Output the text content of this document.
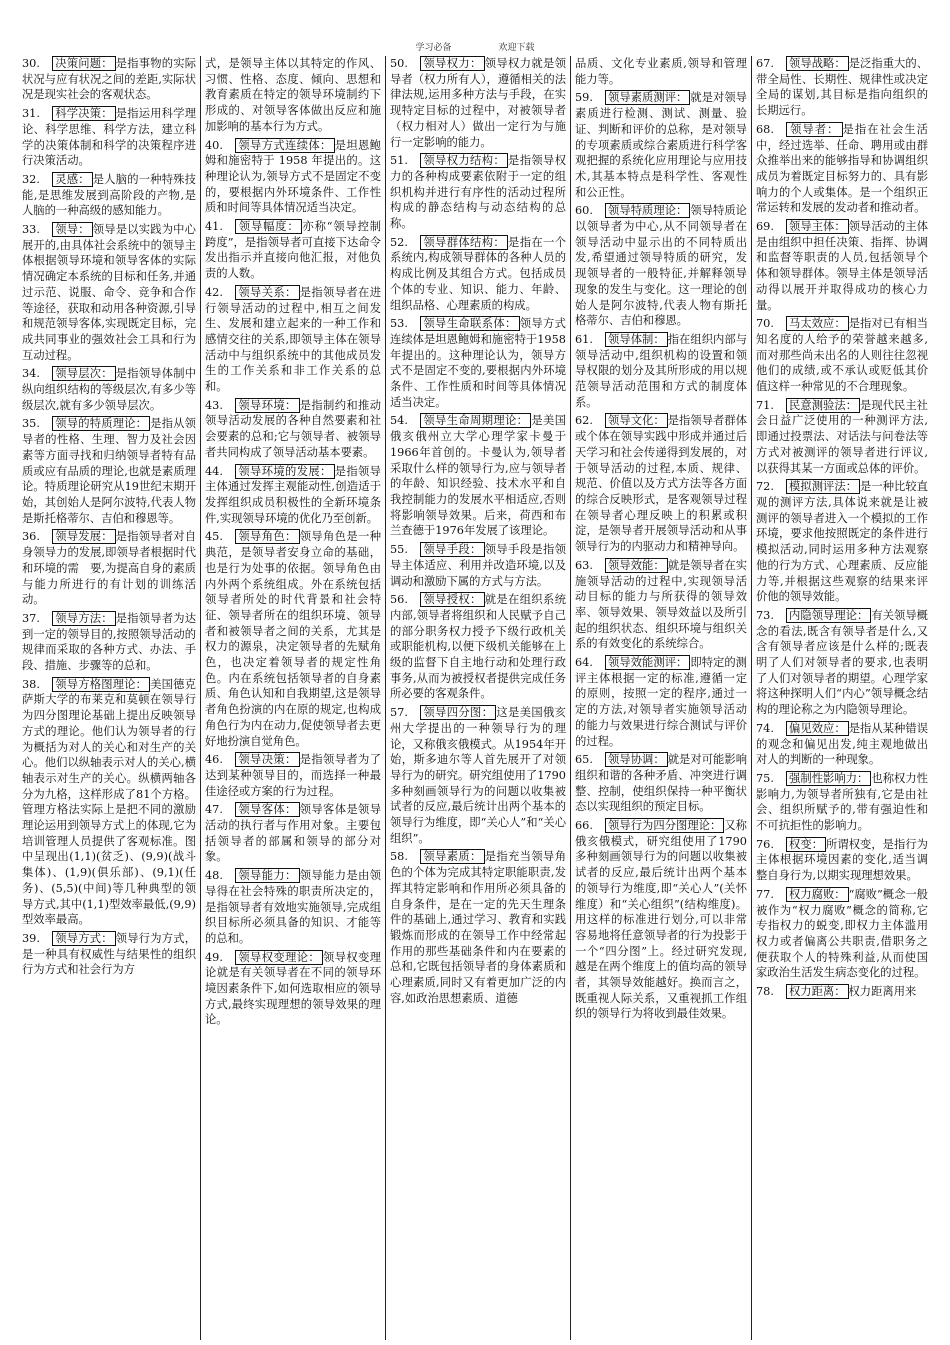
学习必备	欢迎下载
30. 决策问题： 是指事物的实际状况与应有状况之间的差距,实际状况是现实社会的客观状态。
31. 科学决策： 是指运用科学理论、科学思维、科学方法，建立科学的决策体制和科学的决策程序进行决策活动。
32. 灵感： 是人脑的一种特殊技能,是思维发展到高阶段的产物,是人脑的一种高级的感知能力。
33. 领导： 领导是以实践为中心展开的,由具体社会系统中的领导主体根据领导环境和领导客体的实际情况确定本系统的目标和任务,并通过示范、说服、命令、竞争和合作等途径，获取和动用各种资源,引导和规范领导客体,实现既定目标，完成共同事业的强效社会工具和行为互动过程。
34. 领导层次： 是指领导体制中纵向组织结构的等级层次,有多少等级层次,就有多少领导层次。
35. 领导的特质理论： 是指从领导者的性格、生理、智力及社会因素等方面寻找和归纳领导者特有品质或应有品质的理论,也就是素质理论。特质理论研究从19世纪末期开始，其创始人是阿尔波特,代表人物是斯托格蒂尔、吉伯和穆恩等。
36. 领导发展： 是指领导者对自身领导力的发展,即领导者根据时代和环境的需　要,为提高自身的素质与能力所进行的有计划的训练活动。
37. 领导方法： 是指领导者为达到一定的领导目的,按照领导活动的规律而采取的各种方式、办法、手段、措施、步骤等的总和。
38. 领导方格图理论： 美国德克萨斯大学的布莱克和莫顿在领导行为四分图理论基础上提出反映领导方式的理论。他们认为领导者的行为概括为对人的关心和对生产的关心。他们以纵轴表示对人的关心,横轴表示对生产的关心。纵横两轴各分为九格，这样形成了81个方格。管理方格法实际上是把不同的激励理论运用到领导方式上的体现,它为培训管理人员提供了客观标准。图中呈现出(1,1)(贫乏)、(9,9)(战斗集体)、(1,9)(俱乐部)、(9,1)(任务)、(5,5)(中间)等几种典型的领导方式,其中(1,1)型效率最低,(9,9)型效率最高。
39. 领导方式： 领导行为方式，是一种具有权威性与结果性的组织行为方式和社会行为方
式，是领导主体以其特定的作风、习惯、性格、态度、倾向、思想和教育素质在特定的领导环境制约下形成的、对领导客体做出反应和施加影响的基本行为方式。
40. 领导方式连续体： 是坦恩鲍姆和施密特于 1958 年提出的。这种理论认为,领导方式不是固定不变的，要根据内外环境条件、工作性质和时间等具体情况适当决定。
41. 领导幅度： 亦称“领导控制跨度”，是指领导者可直接下达命令发出指示并直接向他汇报，对他负责的人数。
42. 领导关系： 是指领导者在进行领导活动的过程中,相互之间发生、发展和建立起来的一种工作和感情交往的关系,即领导主体在领导活动中与组织系统中的其他成员发生的工作关系和非工作关系的总和。
43. 领导环境： 是指制约和推动领导活动发展的各种自然要素和社会要素的总和;它与领导者、被领导者共同构成了领导活动基本要素。
44. 领导环境的发展： 是指领导主体通过发挥主观能动性,创造适于发挥组织成员积极性的全新环境条件,实现领导环境的优化乃至创新。
45. 领导角色： 领导角色是一种典范，是领导者安身立命的基础，也是行为处事的依据。领导角色由内外两个系统组成。外在系统包括领导者所处的时代背景和社会特征、领导者所在的组织环境、领导者和被领导者之间的关系，尤其是权力的源泉，决定领导者的先赋角色，也决定着领导者的规定性角色。内在系统包括领导者的自身素质、角色认知和自我期望,这是领导者角色扮演的内在原的规定,也构成角色行为内在动力,促使领导者去更好地扮演自觉角色。
46. 领导决策： 是指领导者为了达到某种领导目的，而选择一种最佳途径或方案的行为过程。
47. 领导客体： 领导客体是领导活动的执行者与作用对象。主要包括领导者的部属和领导的部分对象。
48. 领导能力： 领导能力是由领导得在社会特殊的职责所决定的，是指领导者有效地实施领导,完成组织目标所必须具备的知识、才能等的总和。
49. 领导权变理论： 领导权变理论就是有关领导者在不同的领导环境因素条件下,如何选取相应的领导方式,最终实现理想的领导效果的理论。
50. 领导权力： 领导权力就是领导者（权力所有人），遵循相关的法律法规,运用多种方法与手段，在实现特定目标的过程中，对被领导者（权力相对人）做出一定行为与施行一定影响的能力。
51. 领导权力结构： 是指领导权力的各种构成要素依附于一定的组织机构并进行有序性的活动过程所构成的静态结构与动态结构的总称。
52. 领导群体结构： 是指在一个系统内,构成领导群体的各种人员的构成比例及其组合方式。包括成员个体的专业、知识、能力、年龄、组织品格、心理素质的构成。
53. 领导生命联系体： 领导方式连续体是坦恩鲍姆和施密特于1958年提出的。这种理论认为，领导方式不是固定不变的,要根据内外环境条件、工作性质和时间等具体情况适当决定。
54. 领导生命周期理论： 是美国俄亥俄州立大学心理学家卡曼于1966年首创的。卡曼认为,领导者采取什么样的领导行为,应与领导者的年龄、知识经验、技术水平和自我控制能力的发展水平相适应,否则将影响领导效果。后来，荷西和布兰查德于1976年发展了该理论。
55. 领导手段： 领导手段是指领导主体适应、利用并改造环境,以及调动和激励下属的方式与方法。
56. 领导授权： 就是在组织系统内部,领导者将组织和人民赋予自己的部分职务权力授予下级行政机关或职能机构,以便下级机关能够在上级的监督下自主地行动和处理行政事务,从而为被授权者提供完成任务所必要的客观条件。
57. 领导四分图： 这是美国俄亥州大学提出的一种领导行为的理论，又称俄亥俄模式。从1954年开始，斯多迪尔等人首先展开了对领导行为的研究。研究组使用了1790多种刻画领导行为的问题以收集被试者的反应,最后统计出两个基本的领导行为维度，即“关心人”和“关心组织”。
58. 领导素质： 是指充当领导角色的个体为完成其特定职能职责,发挥其特定影响和作用所必须具备的自身条件，是在一定的先天生理条件的基础上,通过学习、教育和实践锻炼而形成的在领导工作中经常起作用的那些基础条件和内在要素的总和,它既包括领导者的身体素质和心理素质,同时又有着更加广泛的内容,如政治思想素质、道德
品质、文化专业素质,领导和管理能力等。
59. 领导素质测评： 就是对领导素质进行检测、测试、测量、验证、判断和评价的总称，是对领导的专项素质或综合素质进行科学客观把握的系统化应用理论与应用技术,其基本特点是科学性、客观性和公正性。
60. 领导特质理论： 领导特质论以领导者为中心,从不同领导者在领导活动中显示出的不同特质出发,希望通过领导特质的研究，发现领导者的一般特征,并解释领导现象的发生与变化。这一理论的创始人是阿尔波特,代表人物有斯托格蒂尔、吉伯和穆恩。
61. 领导体制： 指在组织内部与领导活动中,组织机构的设置和领导权限的划分及其所形成的用以规范领导活动范围和方式的制度体系。
62. 领导文化： 是指领导者群体或个体在领导实践中形成并通过后天学习和社会传递得到发展的，对于领导活动的过程,本质、规律、规范、价值以及方式方法等各方面的综合反映形式，是客观领导过程在领导者心理反映上的积累或积淀，是领导者开展领导活动和从事领导行为的内驱动力和精神导向。
63. 领导效能： 就是领导者在实施领导活动的过程中,实现领导活动目标的能力与所获得的领导效率、领导效果、领导效益以及所引起的组织状态、组织环境与组织关系的有效变化的系统综合。
64. 领导效能测评： 即特定的测评主体根据一定的标准,遵循一定的原则，按照一定的程序,通过一定的方法,对领导者实施领导活动的能力与效果进行综合测试与评价的过程。
65. 领导协调： 就是对可能影响组织和谐的各种矛盾、冲突进行调整、控制，使组织保持一种平衡状态以实现组织的预定目标。
66. 领导行为四分图理论： 又称俄亥俄模式，研究组使用了1790多种刻画领导行为的问题以收集被试者的反应,最后统计出两个基本的领导行为维度,即“关心人”(关怀维度）和“关心组织”(结构维度)。用这样的标准进行划分,可以非常容易地将任意领导者的行为投影于一个“四分图”上。经过研究发现,越是在两个维度上的值均高的领导者，其领导效能越好。换而言之，既重视人际关系，又重视抓工作组织的领导行为将收到最佳效果。
67. 领导战略： 是泛指重大的、带全局性、长期性、规律性或决定全局的谋划,其目标是指向组织的长期远行。
68. 领导者： 是指在社会生活中，经过选举、任命、聘用或由群众推举出来的能够指导和协调组织成员为着既定目标努力的、具有影响力的个人或集体。是一个组织正常运转和发展的发动者和推动者。
69. 领导主体： 领导活动的主体是由组织中担任决策、指挥、协调和监督等职责的人员,包括领导个体和领导群体。领导主体是领导活动得以展开并取得成功的核心力量。
70. 马太效应： 是指对已有相当知名度的人给予的荣誉越来越多,而对那些尚未出名的人则往往忽视他们的成绩,或不承认或贬低其价值这样一种常见的不合理现象。
71. 民意测验法： 是现代民主社会日益广泛使用的一种测评方法,即通过投票法、对话法与问卷法等方式对被测评的领导者进行评议,以获得其某一方面或总体的评价。
72. 模拟测评法： 是一种比较直观的测评方法,具体说来就是让被测评的领导者进入一个模拟的工作环境，要求他按照既定的条件进行模拟活动,同时运用多种方法观察他的行为方式、心理素质、反应能力等,并根据这些观察的结果来评价他的领导效能。
73. 内隐领导理论： 有关领导概念的看法,既含有领导者是什么,又含有领导者应该是什么样的;既表明了人们对领导者的要求,也表明了人们对领导者的期望。心理学家将这种探明人们“内心”领导概念结构的理论称之为内隐领导理论。
74. 偏见效应： 是指从某种错误的观念和偏见出发,纯主观地做出对人的判断的一种现象。
75. 强制性影响力： 也称权力性影响力,为领导者所独有,它是由社会、组织所赋予的,带有强迫性和不可抗拒性的影响力。
76. 权变： 所谓权变，是指行为主体根据环境因素的变化,适当调整自身行为,以期实现理想效果。
77. 权力腐败： “腐败”概念一般被作为“权力腐败”概念的简称,它专指权力的蜕变,即权力主体滥用权力或者偏离公共职责,借职务之便获取个人的特殊利益,从而使国家政治生活发生病态变化的过程。
78. 权力距离： 权力距离用来
